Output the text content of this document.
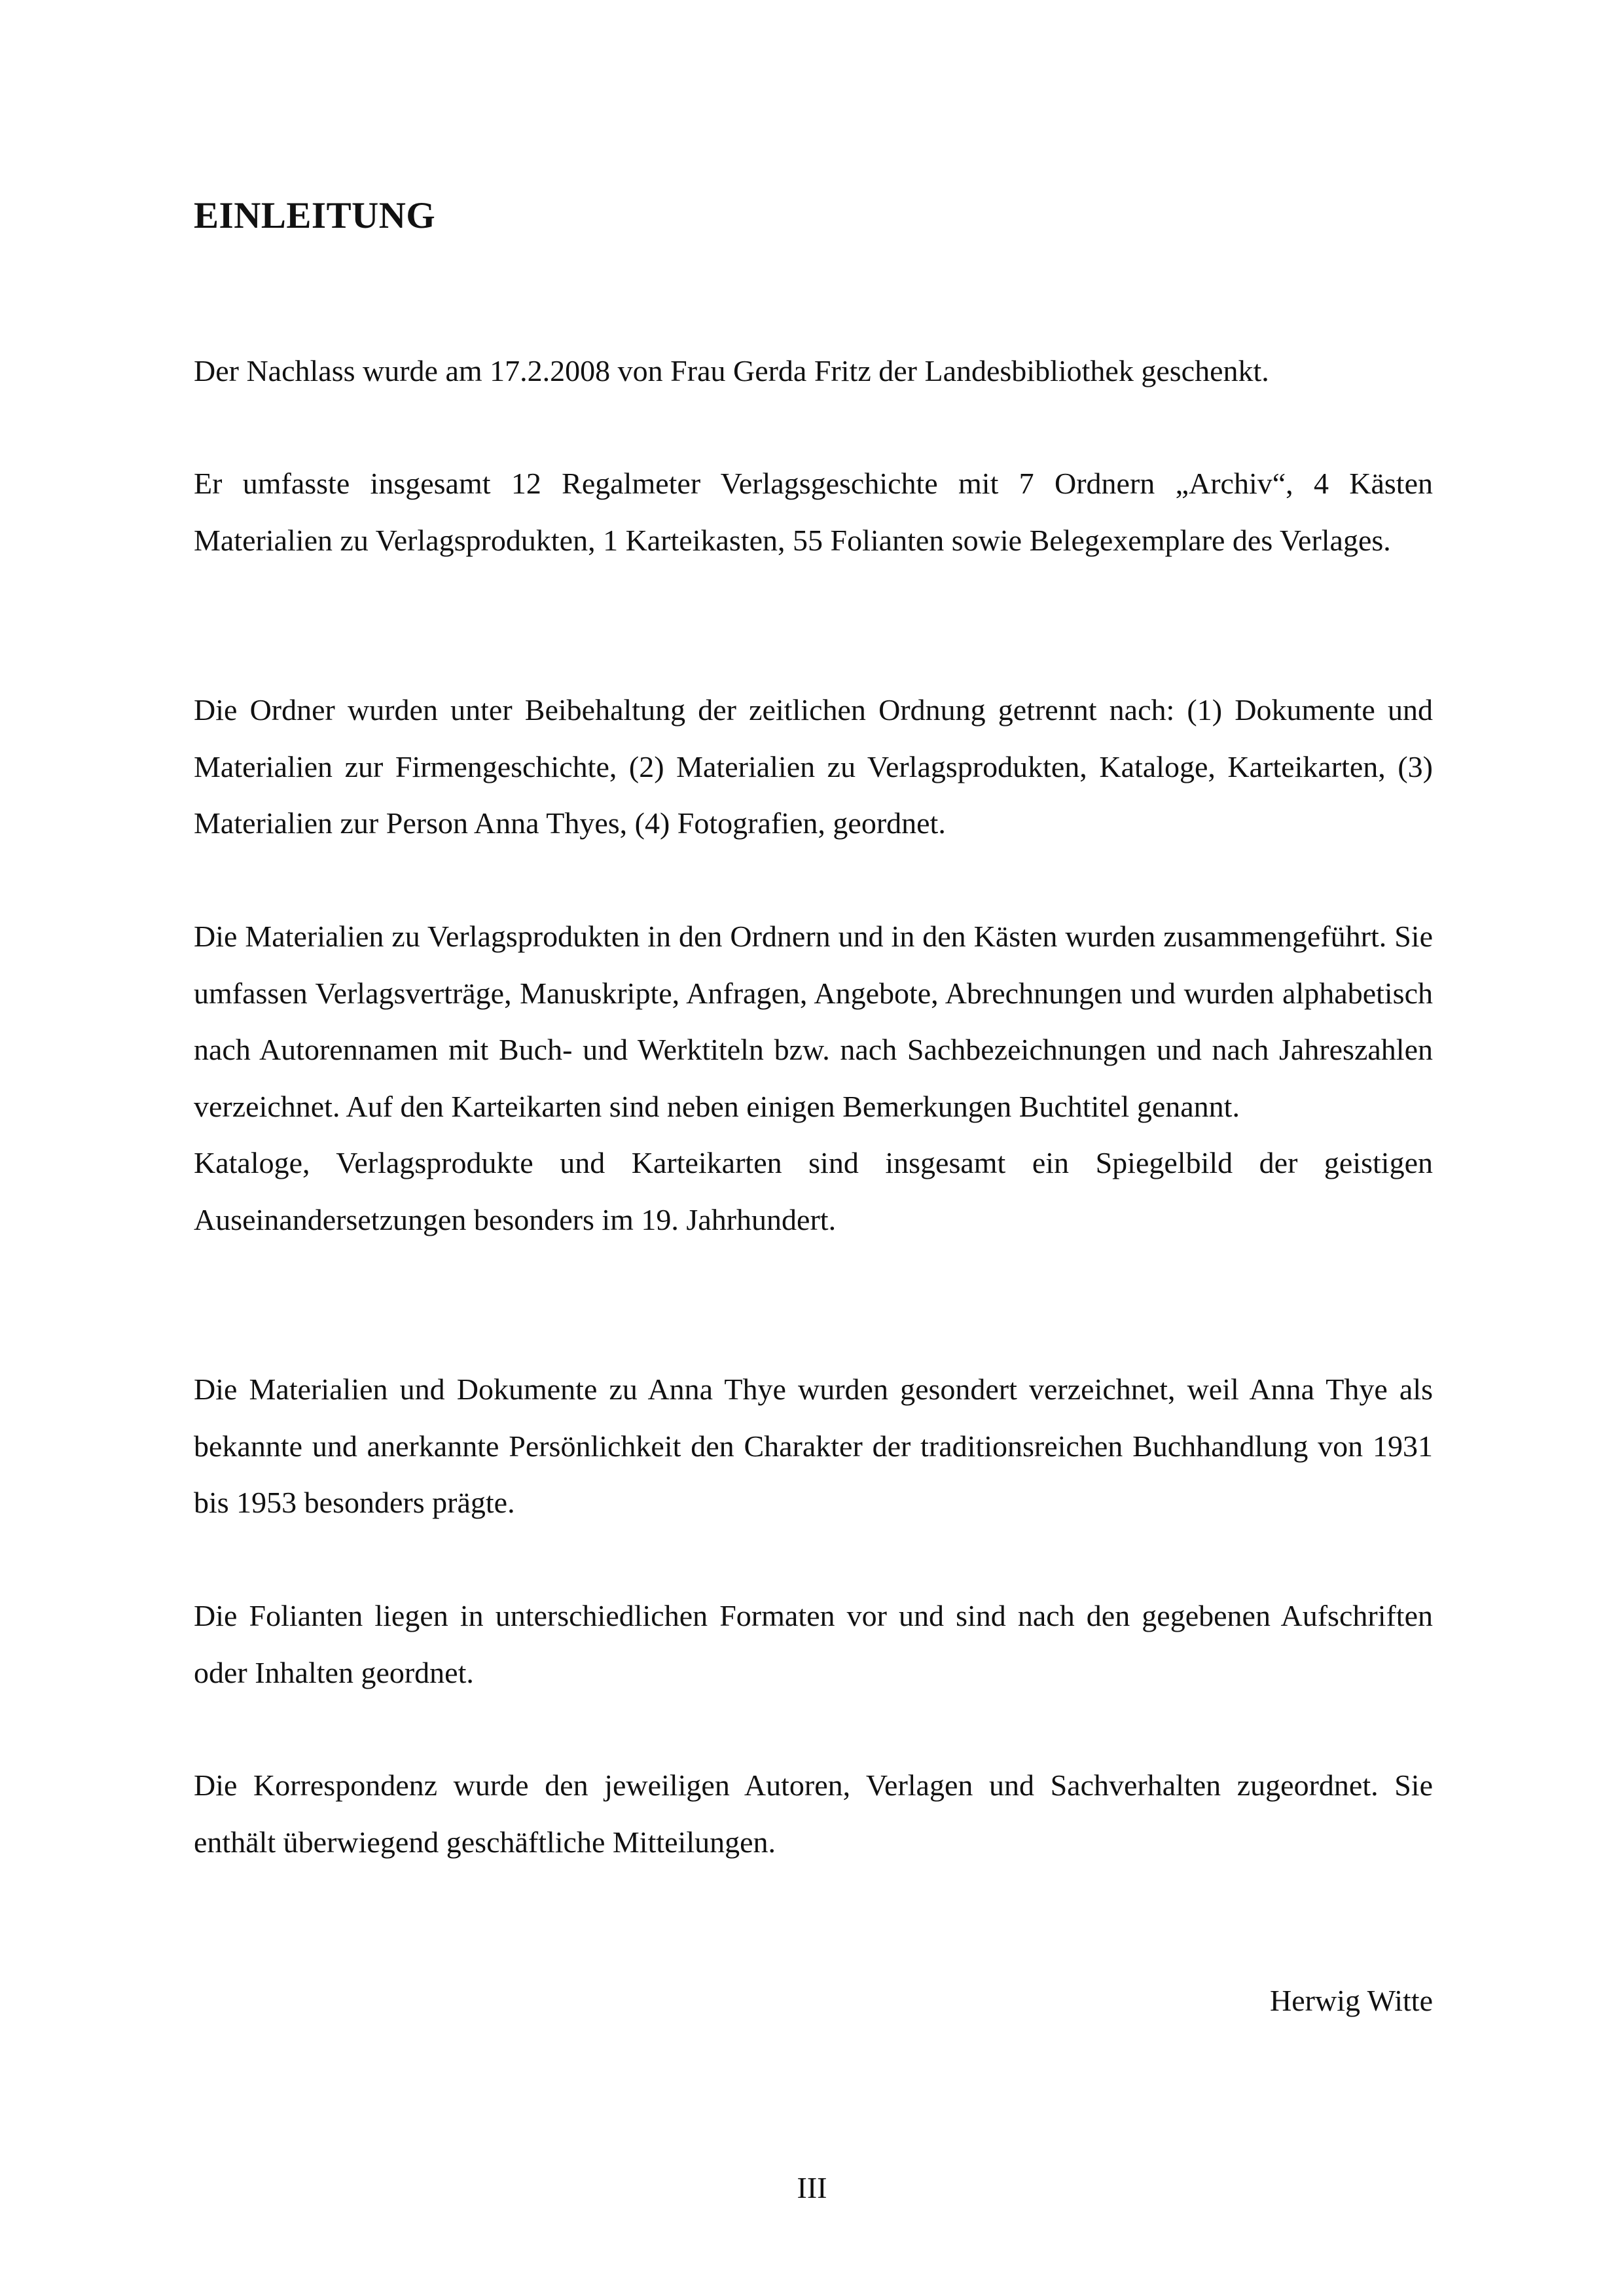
EINLEITUNG

Der Nachlass wurde am 17.2.2008 von Frau Gerda Fritz der Landesbibliothek geschenkt.

Er umfasste insgesamt 12 Regalmeter Verlagsgeschichte mit 7 Ordnern „Archiv“, 4 Kästen Materialien zu Verlagsprodukten, 1 Karteikasten, 55 Folianten sowie Belegexemplare des Verlages.

Die Ordner wurden unter Beibehaltung der zeitlichen Ordnung getrennt nach: (1) Dokumente und Materialien zur Firmengeschichte, (2) Materialien zu Verlagsprodukten, Kataloge, Karteikarten, (3) Materialien zur Person Anna Thyes, (4) Fotografien, geordnet.

Die Materialien zu Verlagsprodukten in den Ordnern und in den Kästen wurden zusammengeführt. Sie umfassen Verlagsverträge, Manuskripte, Anfragen, Angebote, Abrechnungen und wurden alphabetisch nach Autorennamen mit Buch- und Werktiteln bzw. nach Sachbezeichnungen und nach Jahreszahlen verzeichnet. Auf den Karteikarten sind neben einigen Bemerkungen Buchtitel genannt.
Kataloge, Verlagsprodukte und Karteikarten sind insgesamt ein Spiegelbild der geistigen Auseinandersetzungen besonders im 19. Jahrhundert.

Die Materialien und Dokumente zu Anna Thye wurden gesondert verzeichnet, weil Anna Thye als bekannte und anerkannte Persönlichkeit den Charakter der traditionsreichen Buchhandlung von 1931 bis 1953 besonders prägte.

Die Folianten liegen in unterschiedlichen Formaten vor und sind nach den gegebenen Aufschriften oder Inhalten geordnet.

Die Korrespondenz wurde den jeweiligen Autoren, Verlagen und Sachverhalten zugeordnet. Sie enthält überwiegend geschäftliche Mitteilungen.

Herwig Witte

III
